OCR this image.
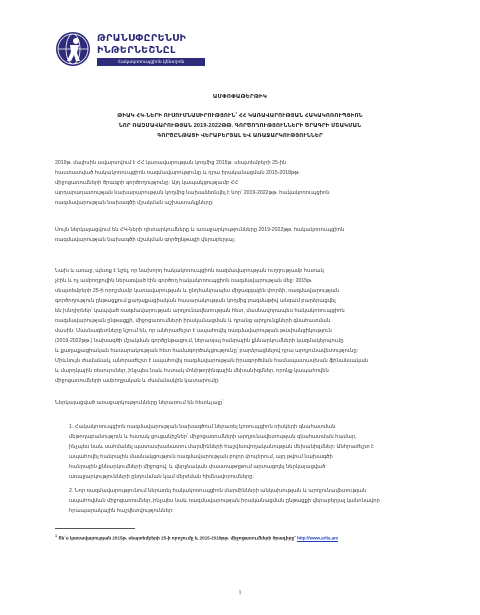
ԹՐԱՆՍՓԸՐԵՆՍԻ
ԻՆԹԵՐՆԵՇՆԸԼ
Հակակոռուպցիոն կենտրոն
ԱՄՓՈՓԱԹԵՐԹԻԿ
ԹԻԱԿ ՀԿ-ՆԵՐԻ ՈՒՍՈՒՄՆԱՍԻՐՈՒԹՅՈՒՆ՝ ՀՀ ԿԱՌԱՎԱՐՈՒԹՅԱՆ ՀԱԿԱԿՈՌՈՒՊՑԻՈՆ
ՆՈՐ ՌԱԶՄԱՎԱՐՈՒԹՅԱՆ 2019-2022ԹԹ. ԳՈՐԾՈՂՈՒԹՅՈՒՆՆԵՐԻ ԾՐԱԳՐԻ ՄՇԱԿՄԱՆ
ԳՈՐԾԸՆԹԱՑԻ ՎԵՐԱԲԵՐՅԱԼ ԵՎ ԱՌԱՋԱՐԿՈՒԹՅՈՒՆՆԵՐ
2019թ. մայիսին ավարտվում է ՀՀ կառավարության կողմից 2015թ. սեպտեմբերի 25-ին
հաստատված հակակոռուպցիոն ռազմավարությունը և դրա իրականացման 2015-2018թթ.
միջոցառումների ծրագրի գործողությունը: Այդ կապակցությամբ ՀՀ
արդարադատության նախարարության կողմից նախաձեռնվել է նոր՝ 2019-2022թթ. հակակոռուպցիոն
ռազմավարության նախագծի մշակման աշխատանքները:
Սույն ներկայացվում են ՀԿ-ների դիտարկումները և առաջարկությունները 2019-2022թթ. հակակոռուպցիոն
ռազմավարության նախագծի մշակման գործընթացի վերաբերյալ:
Նախ և առաջ, պետք է նշել, որ նախորդ հակակոռուպցիոն ռազմավարության ուղղությամբ հստակ
չէին և ոչ ամբողջովին ներառված էին գործող հակակոռուպցիոն ռազմավարության մեջ: 2015թ.
սեպտեմբերի 25-ի որոշմամբ կառավարության և ընդհանրապես միջազգային փորձի, ռազմավարության
գործողություն ընթացքում քաղաքացիական հասարակության կողմից բազմաթիվ անգամ բարձրացվել
են խնդիրներ՝ կապված ռազմավարության արդյունավետության հետ, մասնավորապես հակակոռուպցիոն
ռազմավարության ընթացքի, միջոցառումների իրականացման և դրանց արդյունքների գնահատման
մասին: Մասնագետները նշում են, որ անհրաժեշտ է ապահովել ռազմավարության թափանցիկություն
(2019-2022թթ.) նախագծի մշակման գործընթացում, ներառյալ հանրային քննարկումների կազմակերպումը
և քաղաքացիական հասարակության հետ համագործակցությունը՝ բարձրացնելով դրա արդյունավետությունը:
Միևնույն ժամանակ, անհրաժեշտ է ապահովել ռազմավարության իրագործման համապատասխան ֆինանսական
և մարդկային ռեսուրսներ, ինչպես նաև հստակ մոնիթորինգային մեխանիզմներ, որոնք կապահովեն
միջոցառումների ամբողջական և ժամանակին կատարումը:
Ներկայացված առաջարկությունները ներառում են հետևյալը՝
1. Հակակոռուպցիոն ռազմավարության նախագծում ներառել կոռուպցիոն ռիսկերի գնահատման
մեթոդաբանություն և հստակ ցուցանիշներ՝ միջոցառումների արդյունավետության գնահատման համար,
ինչպես նաև սահմանել պատասխանատու մարմինների հաշվետվողականության մեխանիզմներ: Անհրաժեշտ է
ապահովել հանրային մասնակցություն ռազմավարության բոլոր փուլերում, այդ թվում նախագծի
հանրային քննարկումների միջոցով, և վերջնական փաստաթղթում արտացոլել ներկայացված
առաջարկությունների ընդունման կամ մերժման հիմնավորումները:
2. Նոր ռազմավարությունում ներառել հակակոռուպցիոն մարմինների անկախության և արդյունավետության
ապահովման միջոցառումներ, ինչպես նաև ռազմավարության իրականացման ընթացքի վերաբերյալ կանոնավոր
հրապարակային հաշվետվություններ:
$^1$ Տե՛ս կառավարության 2015թ. սեպտեմբերի 25-ի որոշումը և 2015-2018թթ. միջոցառումների ծրագիրը՝ http://www.arlis.am
1
